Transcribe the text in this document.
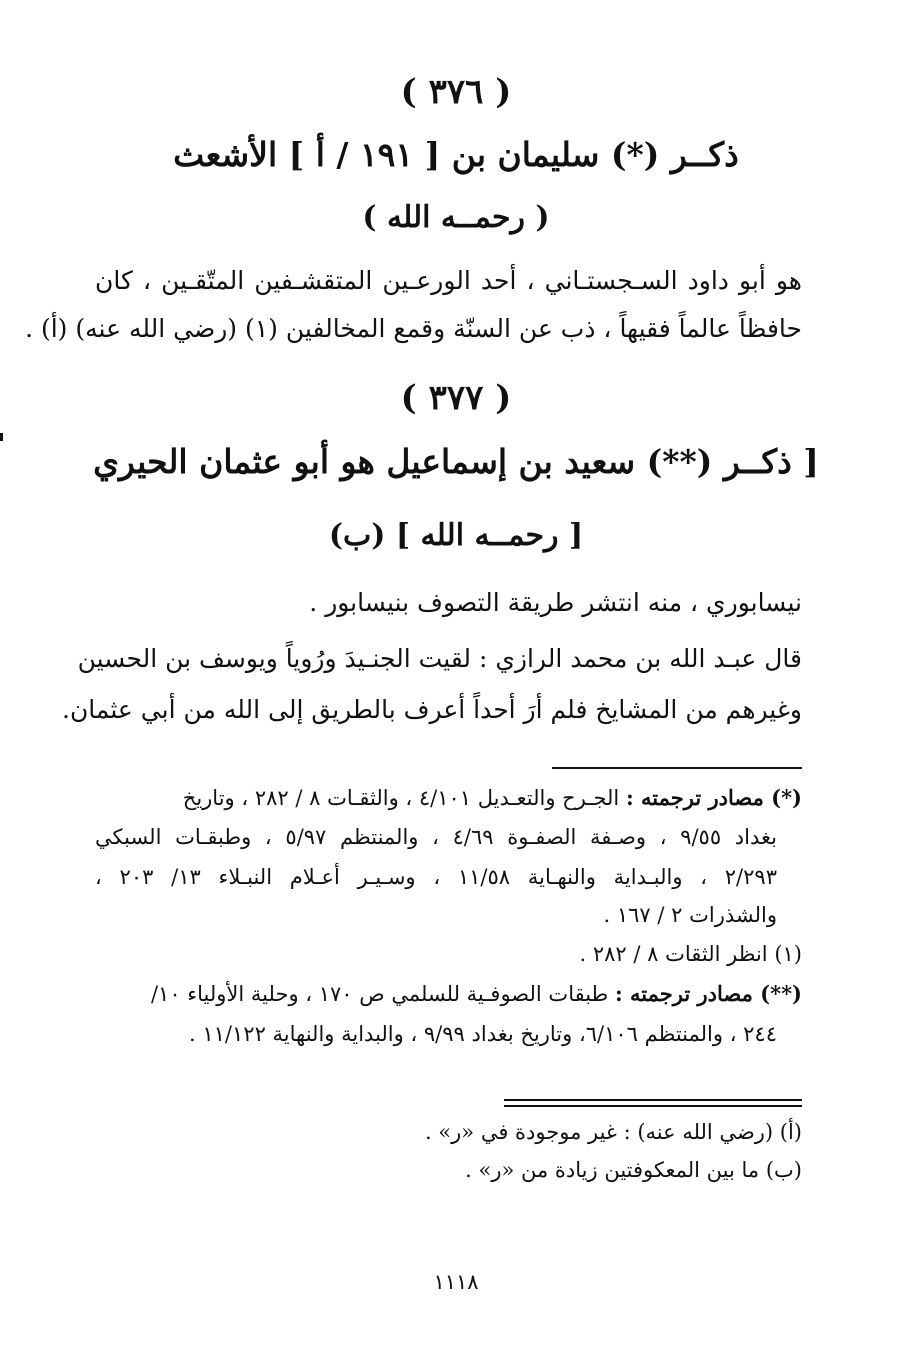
( ٣٧٦ )
ذكــر (*) سليمان بن [ ١٩١ / أ ] الأشعث
( رحمــه الله )
هو أبو داود السـجستـاني ، أحد الورعـين المتقشـفين المتّقـين ، كان
حافظاً عالماً فقيهاً ، ذب عن السنّة وقمع المخالفين (١) (رضي الله عنه) (أ) .
( ٣٧٧ )
[ ذكــر (**) سعيد بن إسماعيل هو أبو عثمان الحيري
[ رحمــه الله ] (ب)
نيسابوري ، منه انتشر طريقة التصوف بنيسابور .
قال عبـد الله بن محمد الرازي : لقيت الجنـيدَ ورُوياً ويوسف بن الحسين
وغيرهم من المشايخ فلم أرَ أحداً أعرف بالطريق إلى الله من أبي عثمان.
(*) مصادر ترجمته : الجـرح والتعـديل ٤/١٠١ ، والثقـات ٨ / ٢٨٢ ، وتاريخ
بغداد ٩/٥٥ ، وصـفة الصفـوة ٤/٦٩ ، والمنتظم ٥/٩٧ ، وطبقـات السبكي
٢/٢٩٣ ، والبـداية والنهـاية ١١/٥٨ ، وسـيـر أعـلام النبـلاء ١٣/ ٢٠٣ ،
والشذرات ٢ / ١٦٧ .
(١) انظر الثقات ٨ / ٢٨٢ .
(**) مصادر ترجمته : طبقات الصوفـية للسلمي ص ١٧٠ ، وحلية الأولياء ١٠/
٢٤٤ ، والمنتظم ٦/١٠٦، وتاريخ بغداد ٩/٩٩ ، والبداية والنهاية ١١/١٢٢ .
(أ) (رضي الله عنه) : غير موجودة في «ر» .
(ب) ما بين المعكوفتين زيادة من «ر» .
١١١٨
